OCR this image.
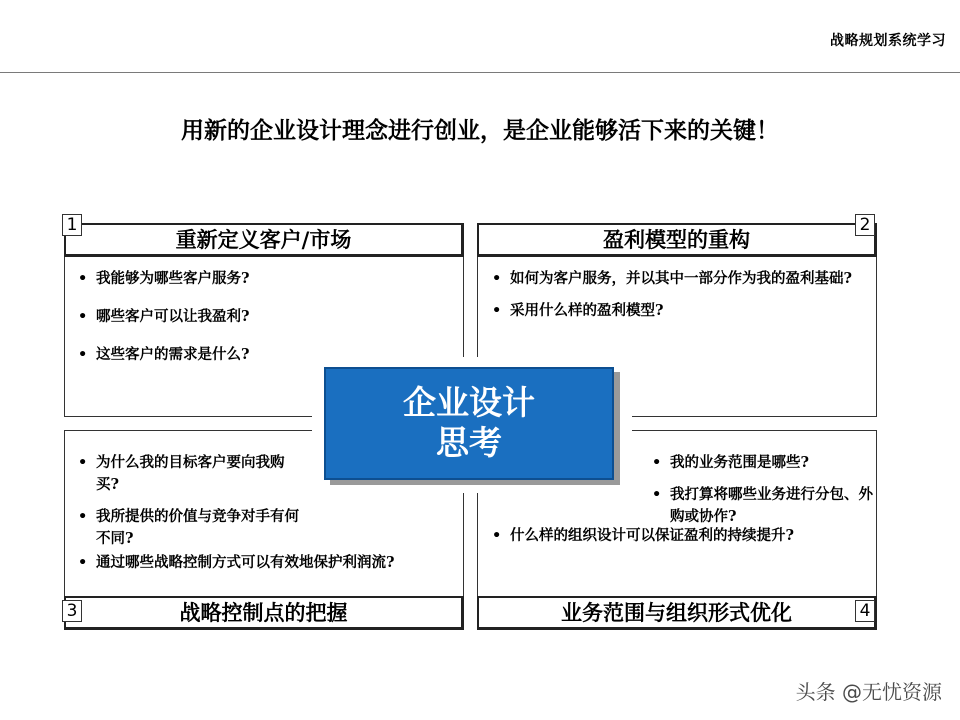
战略规划系统学习
用新的企业设计理念进行创业，是企业能够活下来的关键！
• 我能够为哪些客户服务?
• 哪些客户可以让我盈利?
• 这些客户的需求是什么?
• 如何为客户服务，并以其中一部分作为我的盈利基础?
• 采用什么样的盈利模型?
• 为什么我的目标客户要向我购买?
• 我所提供的价值与竞争对手有何不同?
• 通过哪些战略控制方式可以有效地保护利润流?
• 我的业务范围是哪些?
• 我打算将哪些业务进行分包、外购或协作?
• 什么样的组织设计可以保证盈利的持续提升?
企业设计
思考
重新定义客户/市场	盈利模型的重构
战略控制点的把握	业务范围与组织形式优化
1	2
3	4
头条 @无忧资源
